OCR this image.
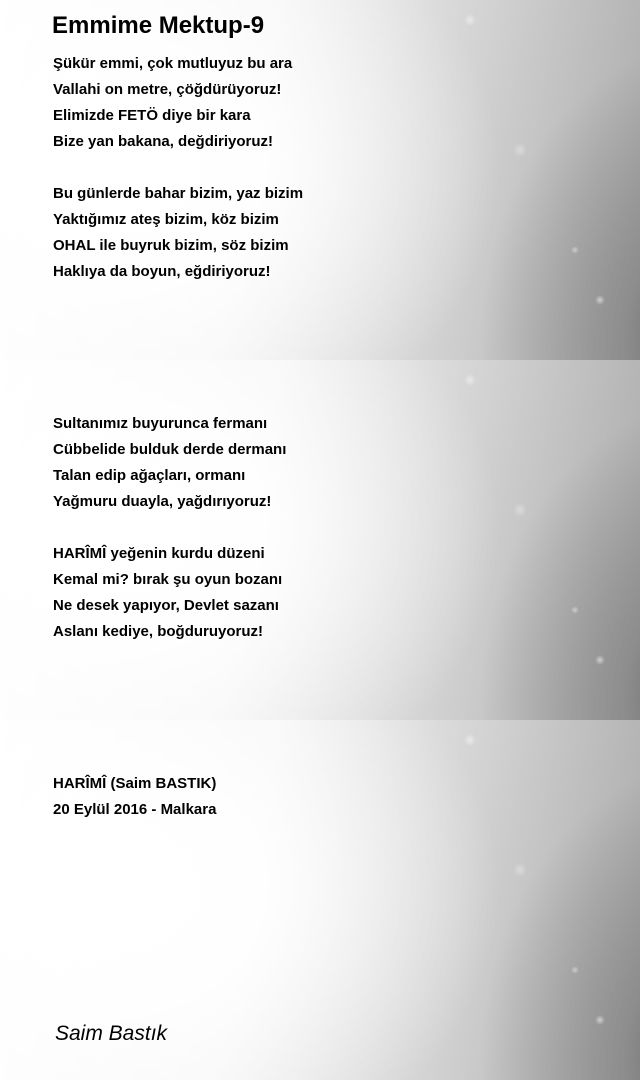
Emmime Mektup-9

Şükür emmi, çok mutluyuz bu ara
Vallahi on metre, çöğdürüyoruz!
Elimizde FETÖ diye bir kara
Bize yan bakana, değdiriyoruz!

Bu günlerde bahar bizim, yaz bizim
Yaktığımız ateş bizim, köz bizim
OHAL ile buyruk bizim, söz bizim
Haklıya da boyun, eğdiriyoruz!

Sultanımız buyurunca fermanı
Cübbelide bulduk derde dermanı
Talan edip ağaçları, ormanı
Yağmuru duayla, yağdırıyoruz!

HARÎMÎ yeğenin kurdu düzeni
Kemal mi? bırak şu oyun bozanı
Ne desek yapıyor, Devlet sazanı
Aslanı kediye, boğduruyoruz!

HARÎMÎ (Saim BASTIK)
20 Eylül 2016 - Malkara

Saim Bastık
